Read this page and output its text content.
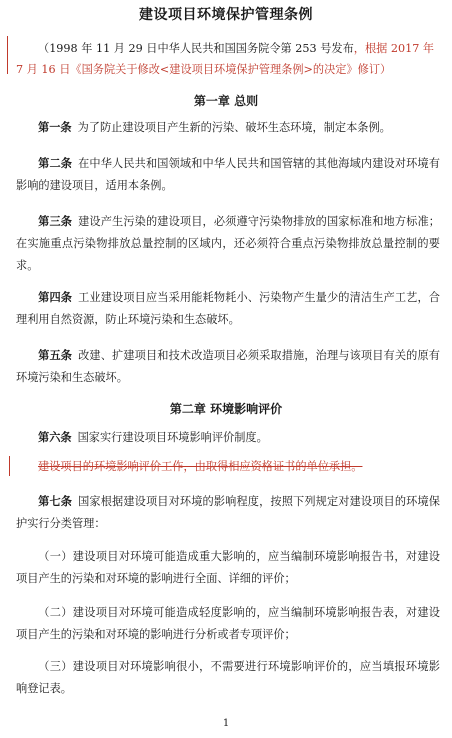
建设项目环境保护管理条例
（1998 年 11 月 29 日中华人民共和国国务院令第 253 号发布，根据 2017 年 7 月 16 日《国务院关于修改<建设项目环境保护管理条例>的决定》修订）
第一章 总则
第一条 为了防止建设项目产生新的污染、破坏生态环境，制定本条例。
第二条 在中华人民共和国领域和中华人民共和国管辖的其他海域内建设对环境有影响的建设项目，适用本条例。
第三条 建设产生污染的建设项目，必须遵守污染物排放的国家标准和地方标准；在实施重点污染物排放总量控制的区域内，还必须符合重点污染物排放总量控制的要求。
第四条 工业建设项目应当采用能耗物耗小、污染物产生量少的清洁生产工艺，合理利用自然资源，防止环境污染和生态破坏。
第五条 改建、扩建项目和技术改造项目必须采取措施，治理与该项目有关的原有环境污染和生态破坏。
第二章 环境影响评价
第六条 国家实行建设项目环境影响评价制度。
建设项目的环境影响评价工作，由取得相应资格证书的单位承担。
第七条 国家根据建设项目对环境的影响程度，按照下列规定对建设项目的环境保护实行分类管理：
（一）建设项目对环境可能造成重大影响的，应当编制环境影响报告书，对建设项目产生的污染和对环境的影响进行全面、详细的评价；
（二）建设项目对环境可能造成轻度影响的，应当编制环境影响报告表，对建设项目产生的污染和对环境的影响进行分析或者专项评价；
（三）建设项目对环境影响很小，不需要进行环境影响评价的，应当填报环境影响登记表。
1
